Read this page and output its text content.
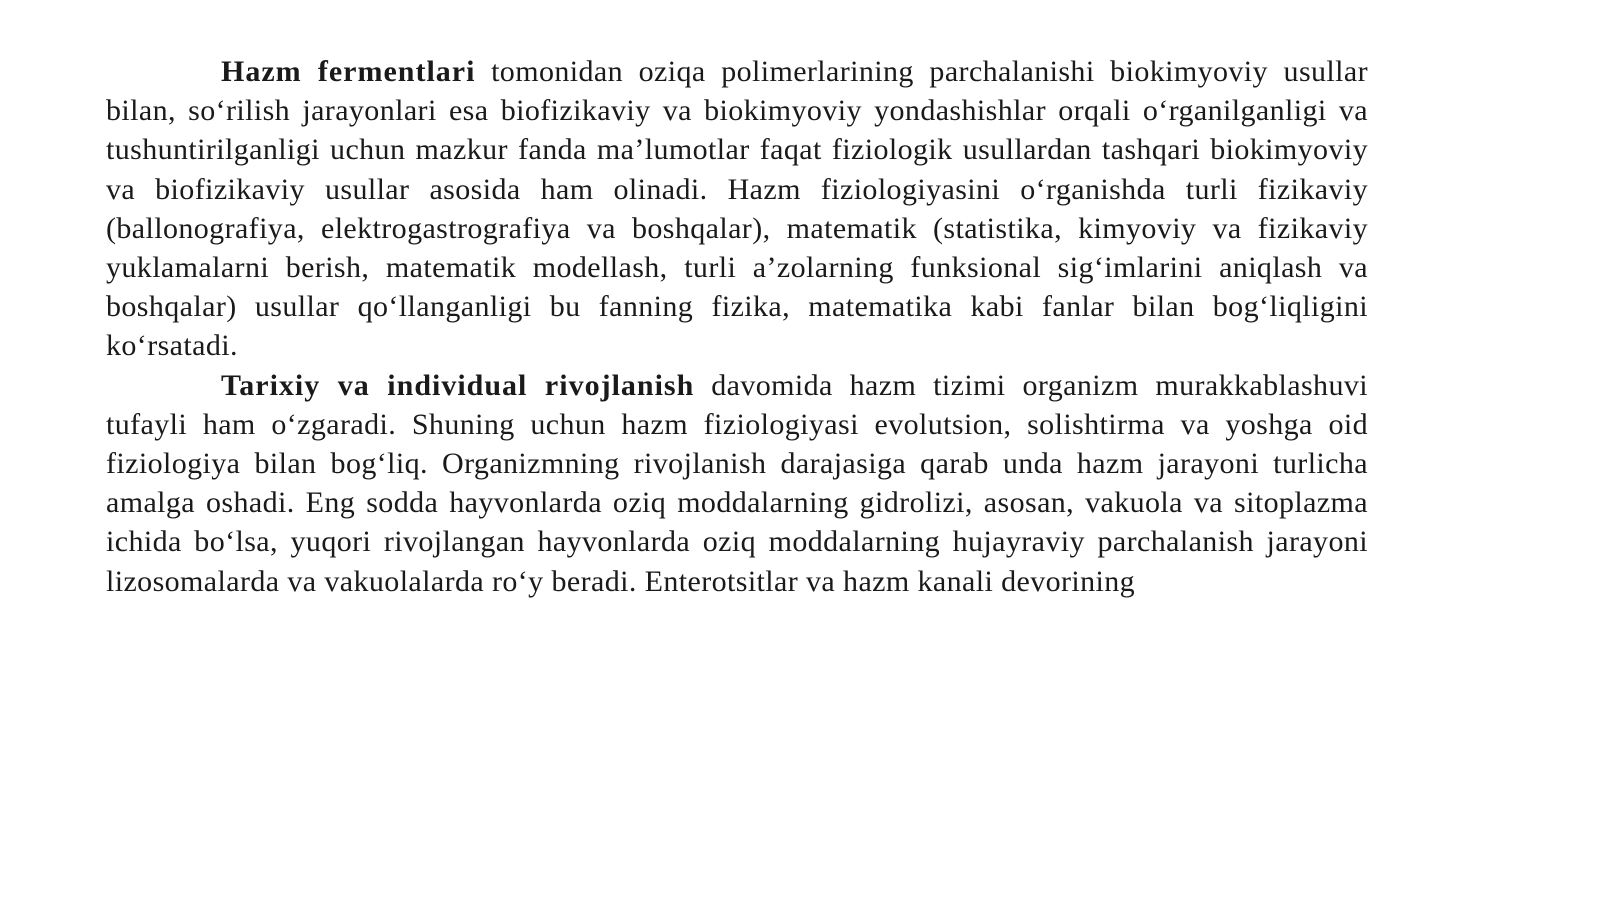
Hazm fermentlari tomonidan oziqa polimerlarining parchalanishi biokimyoviy usullar bilan, so‘rilish jarayonlari esa biofizikaviy va biokimyoviy yondashishlar orqali o‘rganilganligi va tushuntirilganligi uchun mazkur fanda ma’lumotlar faqat fiziologik usullardan tashqari biokimyoviy va biofizikaviy usullar asosida ham olinadi. Hazm fiziologiyasini o‘rganishda turli fizikaviy (ballonografiya, elektrogastrografiya va boshqalar), matematik (statistika, kimyoviy va fizikaviy yuklamalarni berish, matematik modellash, turli a’zolarning funksional sig‘imlarini aniqlash va boshqalar) usullar qo‘llanganligi bu fanning fizika, matematika kabi fanlar bilan bog‘liqligini ko‘rsatadi.

Tarixiy va individual rivojlanish davomida hazm tizimi organizm murakkablashuvi tufayli ham o‘zgaradi. Shuning uchun hazm fiziologiyasi evolutsion, solishtirma va yoshga oid fiziologiya bilan bog‘liq. Organizmning rivojlanish darajasiga qarab unda hazm jarayoni turlicha amalga oshadi. Eng sodda hayvonlarda oziq moddalarning gidrolizi, asosan, vakuola va sitoplazma ichida bo‘lsa, yuqori rivojlangan hayvonlarda oziq moddalarning hujayraviy parchalanish jarayoni lizosomalarda va vakuolalarda ro‘y beradi. Enterotsitlar va hazm kanali devorining
